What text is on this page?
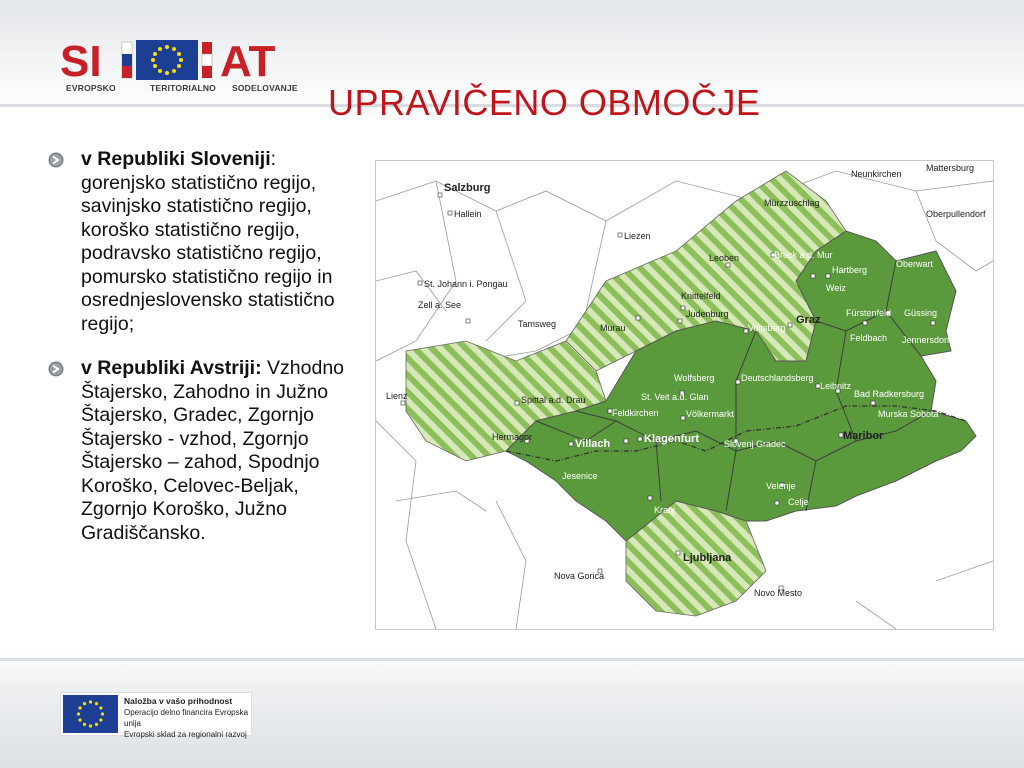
SI	AT
EVROPSKO	TERITORIALNO SODELOVANJE UPRAVIČENO OBMOČJE
v Republiki Sloveniji: gorenjsko statistično regijo, savinjsko statistično regijo, koroško statistično regijo, podravsko statistično regijo, pomursko statistično regijo in osrednjeslovensko statistično regijo;
v Republiki Avstriji: Vzhodno Štajersko, Zahodno in Južno Štajersko, Gradec, Zgornjo Štajersko - vzhod, Zgornjo Štajersko – zahod, Spodnjo Koroško, Celovec-Beljak, Zgornjo Koroško, Južno Gradiščansko.
Salzburg
Hallein
Liezen
St. Johann i. Pongau
Zell a. See
Tamsweg	Murau
Lienz	Spittal a.d. Drau
Hermagor
Villach	Klagenfurt
Feldkirchen
St. Veit a.d. Glan
Wolfsberg
Völkermarkt
Deutschlandsberg
Leibnitz
Voitsberg
Graz
Judenburg
Knittelfeld
Leoben	Bruck a.d. Mur
Mürzzuschlag
Neunkirchen
Mattersburg
Oberpullendorf
Oberwart
Hartberg
Weiz
Fürstenfeld Güssing
Feldbach Jennersdorf
Bad Radkersburg
Murska Sobota
Maribor
Slovenj Gradec
Velenje
Celje
Jesenice
Kranj
Ljubljana
Nova Gorica
Novo Mesto
Naložba v vašo prihodnost
Operacijo delno financira Evropska unija
Evropski sklad za regionalni razvoj
